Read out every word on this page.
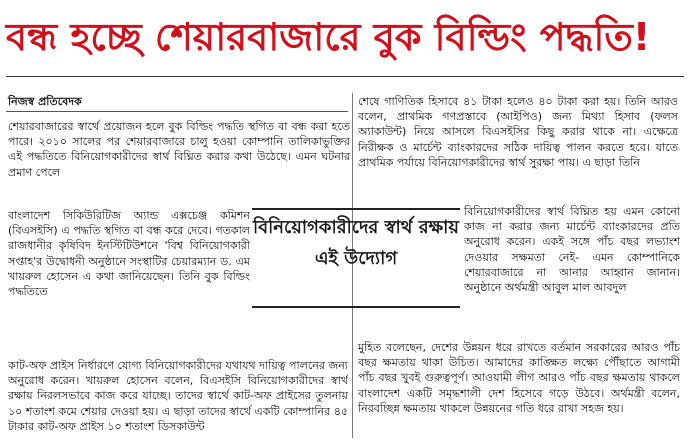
বন্ধ হচ্ছে শেয়ারবাজারে বুক বিল্ডিং পদ্ধতি!
নিজস্ব প্রতিবেদক

শেয়ারবাজারের স্বার্থে প্রয়োজন হলে বুক বিল্ডিং পদ্ধতি স্থগিত বা বন্ধ করা হতে পারে। ২০১০ সালের পর শেয়ারবাজারে চালু হওয়া কোম্পানি তালিকাভুক্তির এই পদ্ধতিতে বিনিয়োগকারীদের স্বার্থ বিঘ্নিত করার কথা উঠেছে। এমন ঘটনার প্রমাণ পেলে

বাংলাদেশ সিকিউরিটিজ অ্যান্ড এক্সচেঞ্জ কমিশন (বিএসইসি) এ পদ্ধতি স্থগিত বা বন্ধ করে দেবে। গতকাল রাজধানীর কৃষিবিদ ইনস্টিটিউশনে 'বিশ্ব বিনিয়োগকারী সপ্তাহ'র উদ্বোধনী অনুষ্ঠানে সংস্থাটির চেয়ারম্যান ড. এম খায়রুল হোসেন এ কথা জানিয়েছেন। তিনি বুক বিল্ডিং পদ্ধতিতে

কাট-অফ প্রাইস নির্ধারণে যোগ্য বিনিয়োগকারীদের যথাযথ দায়িত্ব পালনের জন্য অনুরোধ করেন। খায়রুল হোসেন বলেন, বিএসইসি বিনিয়োগকারীদের স্বার্থ রক্ষায় নিরলসভাবে কাজ করে যাচ্ছে। তাদের স্বার্থে কাট-অফ প্রাইসের তুলনায় ১০ শতাংশ কমে শেয়ার দেওয়া হয়। এ ছাড়া তাদের স্বার্থে একটি কোম্পানির ৪৫ টাকার কাট-অফ প্রাইস ১০ শতাংশ ডিসকাউন্ট

বিনিয়োগকারীদের স্বার্থ রক্ষায় এই উদ্যোগ

শেষে গাণিতিক হিসাবে ৪১ টাকা হলেও ৪০ টাকা করা হয়। তিনি আরও বলেন, প্রাথমিক গণপ্রস্তাবে (আইপিও) জন্য মিথ্যা হিসাব (ফলস অ্যাকাউন্ট) নিয়ে আসলে বিএসইসির কিছু করার থাকে না। এক্ষেত্রে নিরীক্ষক ও মার্চেন্ট ব্যাংকারদের সঠিক দায়িত্ব পালন করতে হবে। যাতে প্রাথমিক পর্যায়ে বিনিয়োগকারীদের স্বার্থ সুরক্ষা পায়। এ ছাড়া তিনি

বিনিয়োগকারীদের স্বার্থ বিঘ্নিত হয় এমন কোনো কাজ না করার জন্য মার্চেন্ট ব্যাংকারদের প্রতি অনুরোধ করেন। একই সঙ্গে পাঁচ বছর লভ্যাংশ দেওয়ার সক্ষমতা নেই- এমন কোম্পানিকে শেয়ারবাজারে না আনার আহ্বান জানান। অনুষ্ঠানে অর্থমন্ত্রী আবুল মাল আবদুল

মুহিত বলেছেন, দেশের উন্নয়ন ধরে রাখতে বর্তমান সরকারের আরও পাঁচ বছর ক্ষমতায় থাকা উচিত। আমাদের কাঙ্ক্ষিত লক্ষ্যে পৌঁছাতে আগামী পাঁচ বছর খুবই গুরুত্বপূর্ণ। আওয়ামী লীগ আরও পাঁচ বছর ক্ষমতায় থাকলে বাংলাদেশ একটি সমৃদ্ধশালী দেশ হিসেবে গড়ে উঠবে। অর্থমন্ত্রী বলেন, নিরবচ্ছিন্ন ক্ষমতায় থাকলে উন্নয়নের গতি ধরে রাখা সহজ হয়।
